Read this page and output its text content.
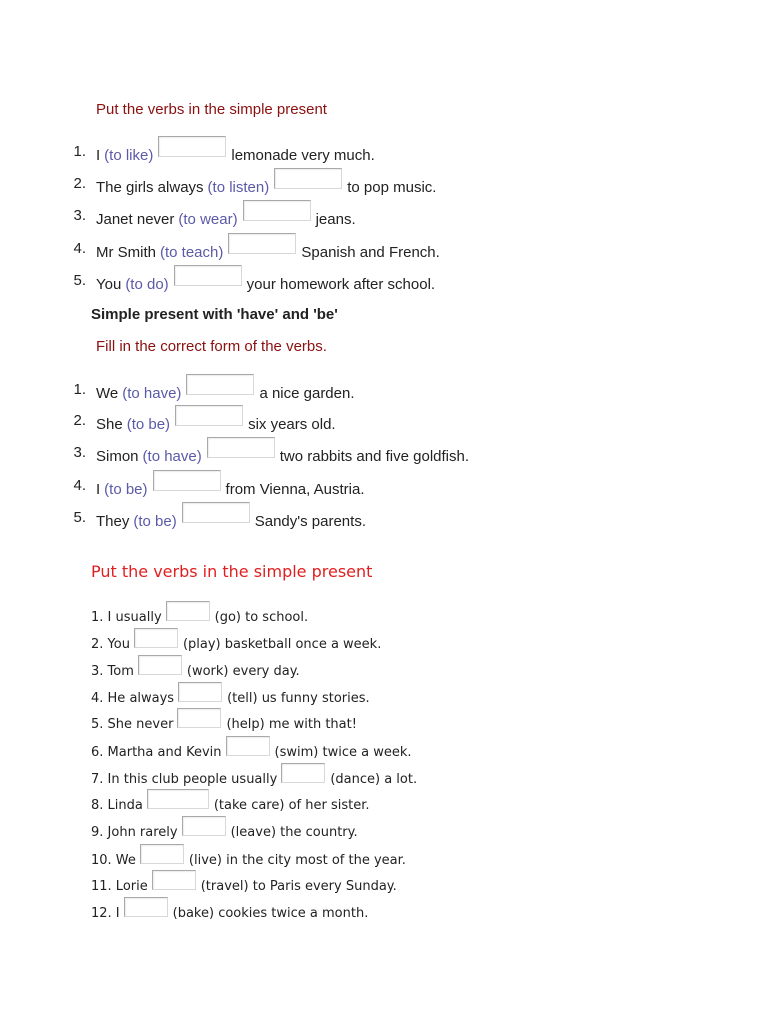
Put the verbs in the simple present
1. I (to like)	lemonade very much.
2. The girls always (to listen)	to pop music.
3. Janet never (to wear)	jeans.
4. Mr Smith (to teach)	Spanish and French.
5. You (to do)	your homework after school.
Simple present with 'have' and 'be'
Fill in the correct form of the verbs.
1. We (to have)	a nice garden.
2. She (to be)	six years old.
3. Simon (to have)	two rabbits and five goldfish.
4. I (to be)	from Vienna, Austria.
5. They (to be)	Sandy's parents.
Put the verbs in the simple present
1. I usually	(go) to school.
2. You	(play) basketball once a week.
3. Tom	(work) every day.
4. He always	(tell) us funny stories.
5. She never	(help) me with that!
6. Martha and Kevin	(swim) twice a week.
7. In this club people usually	(dance) a lot.
8. Linda	(take care) of her sister.
9. John rarely	(leave) the country.
10. We	(live) in the city most of the year.
11. Lorie	(travel) to Paris every Sunday.
12. I	(bake) cookies twice a month.
